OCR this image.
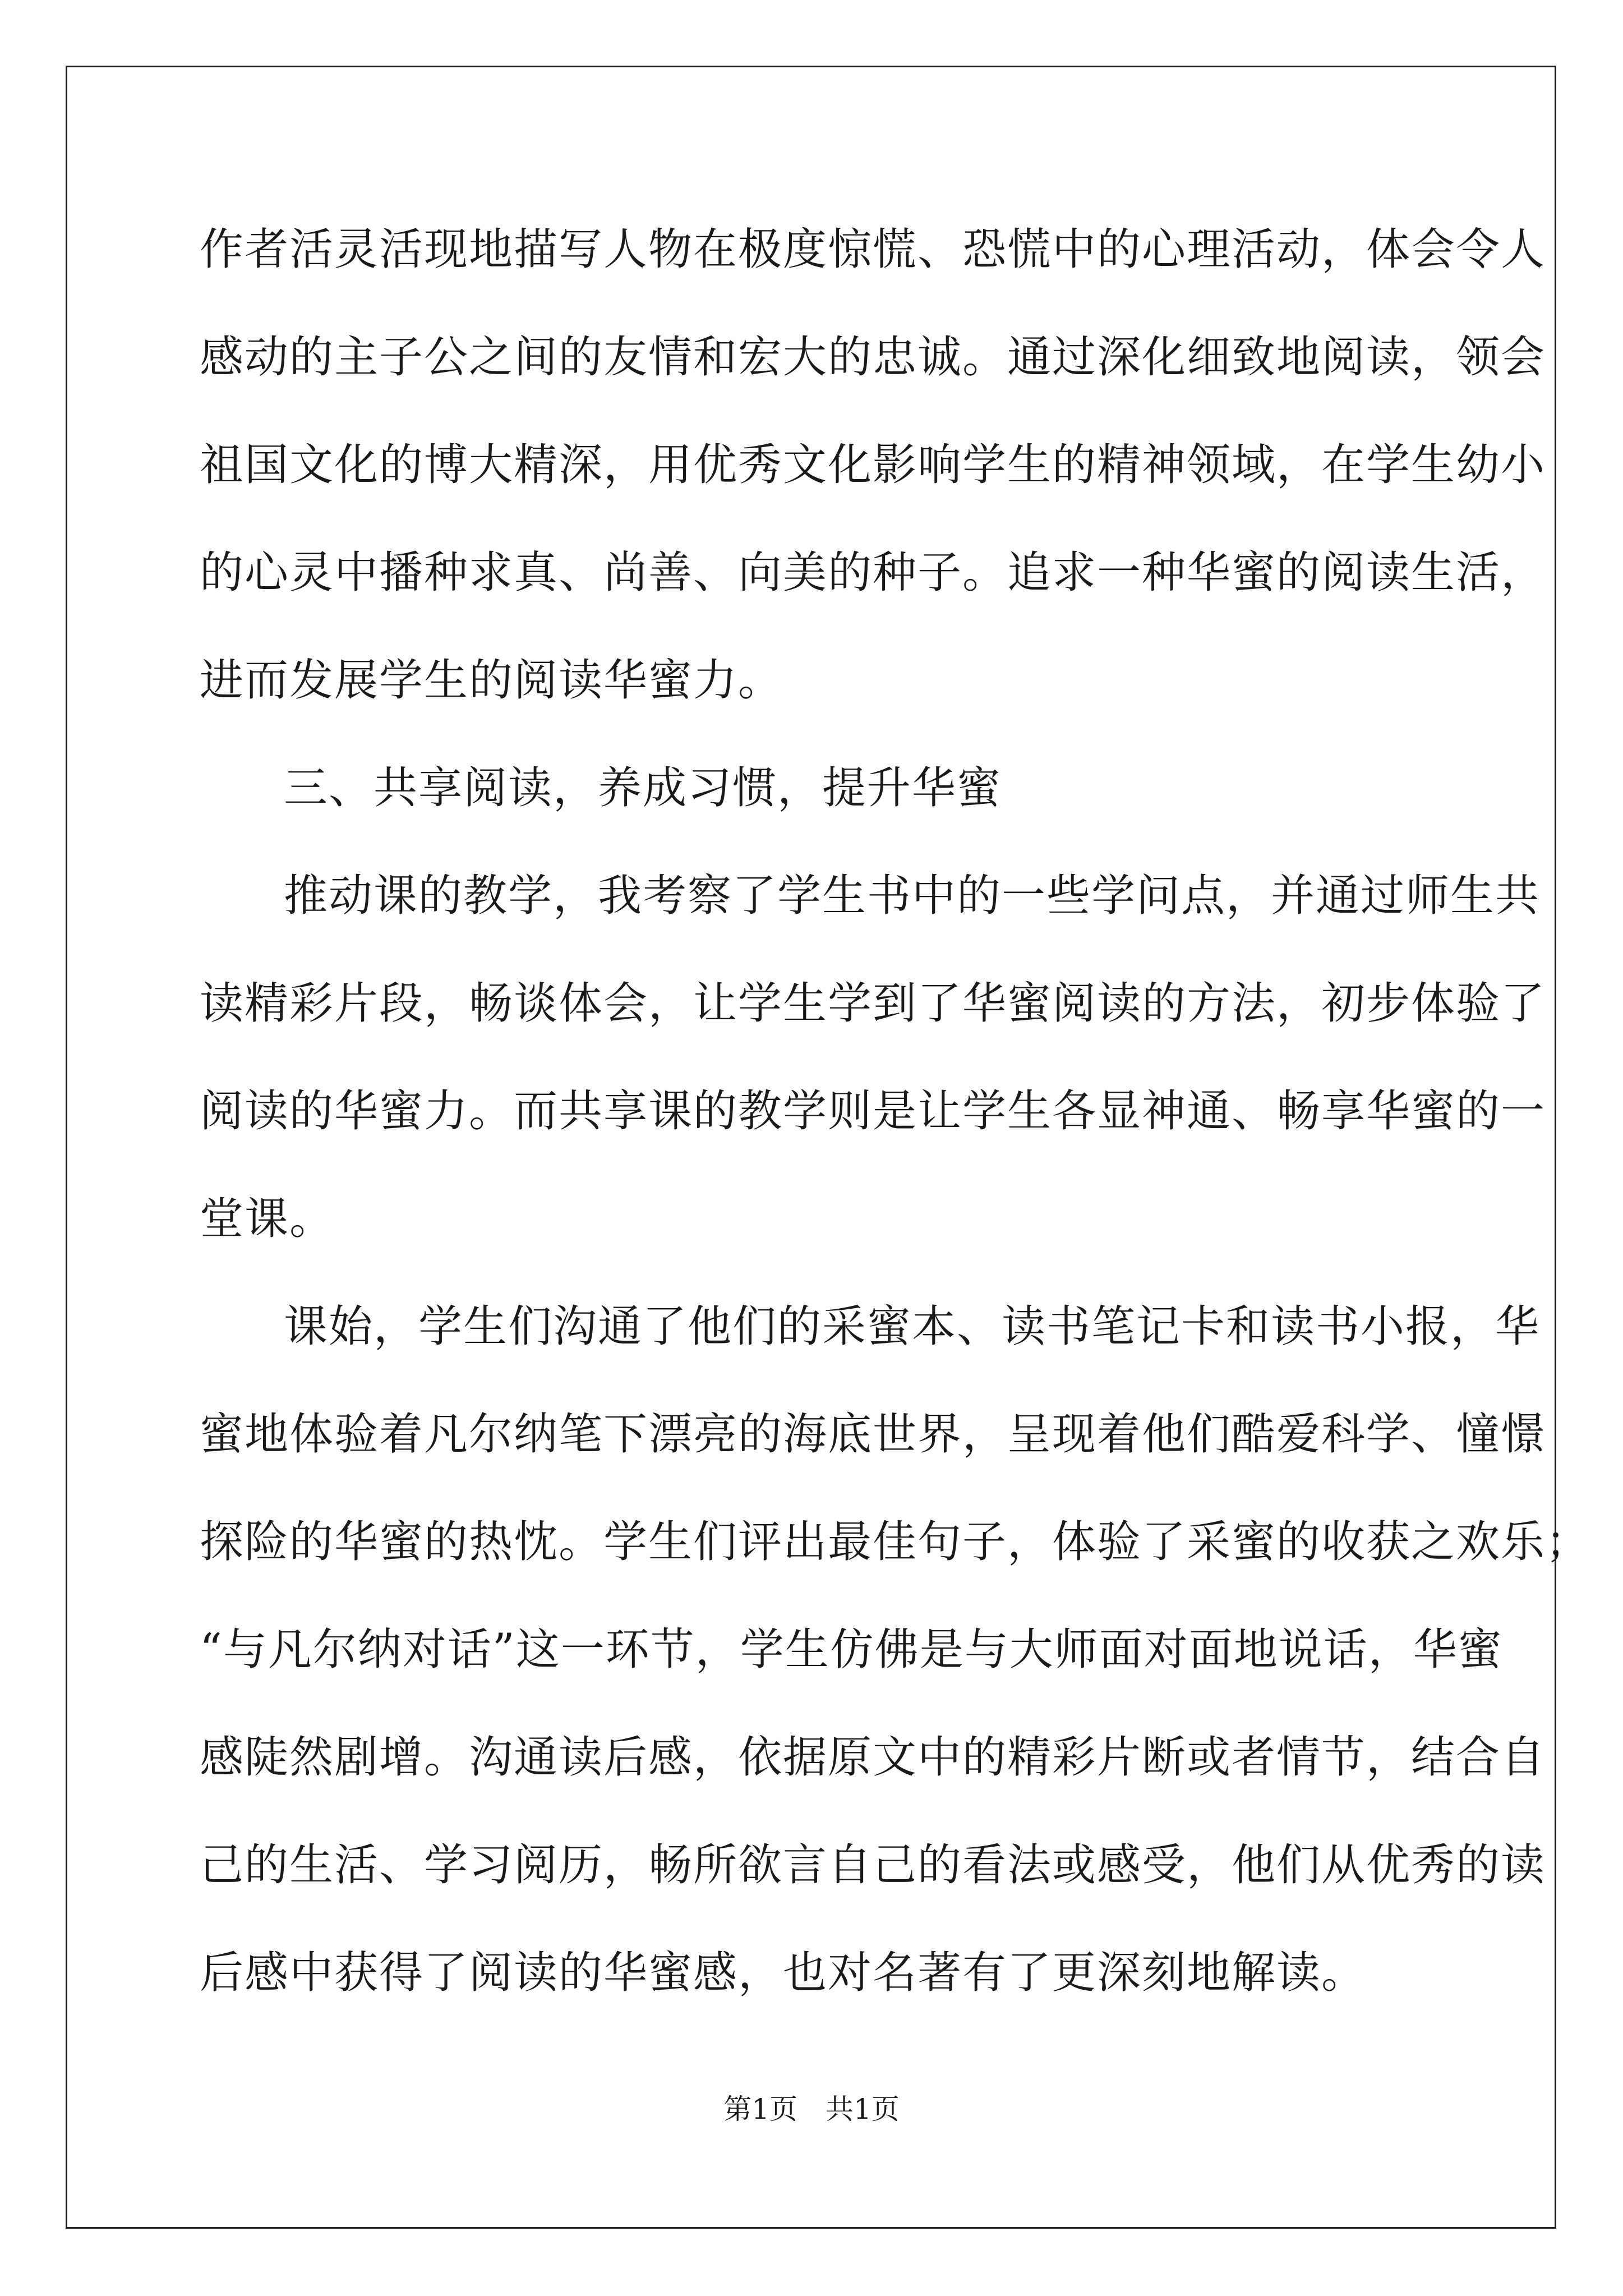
作者活灵活现地描写人物在极度惊慌、恐慌中的心理活动，体会令人
感动的主子公之间的友情和宏大的忠诚。通过深化细致地阅读，领会
祖国文化的博大精深，用优秀文化影响学生的精神领域，在学生幼小
的心灵中播种求真、尚善、向美的种子。追求一种华蜜的阅读生活，
进而发展学生的阅读华蜜力。
三、共享阅读，养成习惯，提升华蜜
推动课的教学，我考察了学生书中的一些学问点，并通过师生共
读精彩片段，畅谈体会，让学生学到了华蜜阅读的方法，初步体验了
阅读的华蜜力。而共享课的教学则是让学生各显神通、畅享华蜜的一
堂课。
课始，学生们沟通了他们的采蜜本、读书笔记卡和读书小报，华
蜜地体验着凡尔纳笔下漂亮的海底世界，呈现着他们酷爱科学、憧憬
探险的华蜜的热忱。学生们评出最佳句子，体验了采蜜的收获之欢乐；
“与凡尔纳对话”这一环节，学生仿佛是与大师面对面地说话，华蜜
感陡然剧增。沟通读后感，依据原文中的精彩片断或者情节，结合自
己的生活、学习阅历，畅所欲言自己的看法或感受，他们从优秀的读
后感中获得了阅读的华蜜感，也对名著有了更深刻地解读。
第1页　共1页
